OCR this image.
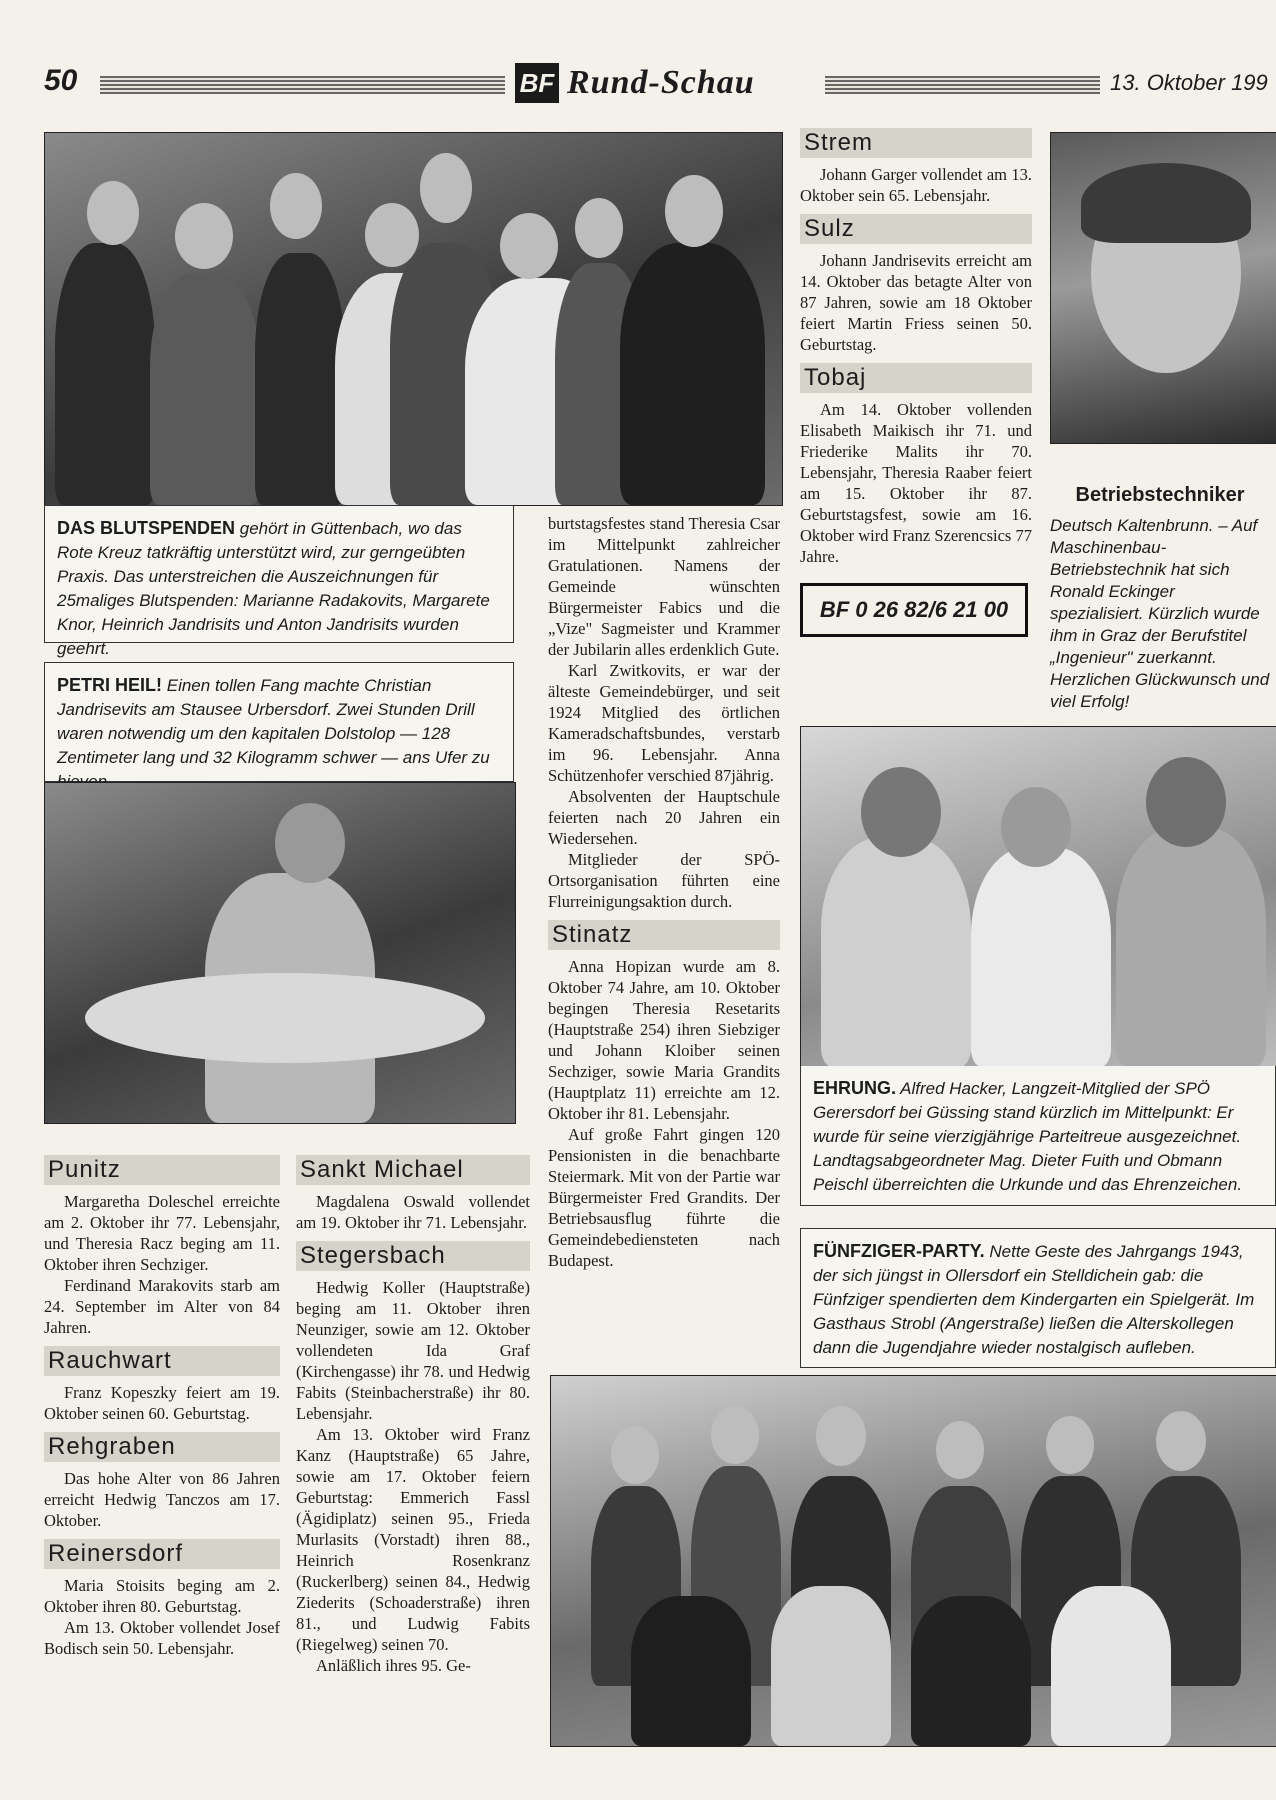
50	BF Rund-Schau	13. Oktober 199
DAS BLUTSPENDEN gehört in Güttenbach, wo das Rote Kreuz tatkräftig unterstützt wird, zur gerngeübten Praxis. Das unterstreichen die Auszeichnungen für 25maliges Blutspenden: Marianne Radakovits, Margarete Knor, Heinrich Jandrisits und Anton Jandrisits wurden geehrt.
PETRI HEIL! Einen tollen Fang machte Christian Jandrisevits am Stausee Urbersdorf. Zwei Stunden Drill waren notwendig um den kapitalen Dolstolop — 128 Zentimeter lang und 32 Kilogramm schwer — ans Ufer zu
Punitz

Margaretha Doleschel erreichte am 2. Oktober ihr 77. Lebensjahr, und Theresia Racz beging am 11. Oktober ihren Sechziger.

Ferdinand Marakovits starb am 24. September im Alter von 84 Jahren.

Rauchwart

Franz Kopeszky feiert am 19. Oktober seinen 60. Geburtstag.

Rehgraben

Das hohe Alter von 86 Jahren erreicht Hedwig Tanczos am 17. Oktober.

Reinersdorf

Maria Stoisits beging am 2. Oktober ihren 80. Geburtstag.

Am 13. Oktober vollendet Josef Bodisch sein 50. Lebensjahr.

Sankt Michael

Magdalena Oswald vollendet am 19. Oktober ihr 71. Lebensjahr.

Stegersbach

Hedwig Koller (Hauptstraße) beging am 11. Oktober ihren Neunziger, sowie am 12. Oktober vollendeten Ida Graf (Kirchengasse) ihr 78. und Hedwig Fabits (Steinbacherstraße) ihr 80. Lebensjahr.

Am 13. Oktober wird Franz Kanz (Hauptstraße) 65 Jahre, sowie am 17. Oktober feiern Geburtstag: Emmerich Fassl (Ägidiplatz) seinen 95., Frieda Murlasits (Vorstadt) ihren 88., Heinrich Rosenkranz (Ruckerlberg) seinen 84., Hedwig Ziederits (Schoaderstraße) ihren 81., und Ludwig Fabits (Riegelweg) seinen 70.

Anläßlich ihres 95. Ge-

burtstagsfestes stand Theresia Csar im Mittelpunkt zahlreicher Gratulationen. Namens der Gemeinde wünschten Bürgermeister Fabics und die „Vize" Sagmeister und Krammer der Jubilarin alles erdenklich Gute.

Karl Zwitkovits, er war der älteste Gemeindebürger, und seit 1924 Mitglied des örtlichen Kameradschaftsbundes, verstarb im 96. Lebensjahr. Anna Schützenhofer verschied 87jährig.

Absolventen der Hauptschule feierten nach 20 Jahren ein Wiedersehen.

Mitglieder der SPÖ-Ortsorganisation führten eine Flurreinigungsaktion durch.

Stinatz

Anna Hopizan wurde am 8. Oktober 74 Jahre, am 10. Oktober begingen Theresia Resetarits (Hauptstraße 254) ihren Siebziger und Johann Kloiber seinen Sechziger, sowie Maria Grandits (Hauptplatz 11) erreichte am 12. Oktober ihr 81. Lebensjahr.

Auf große Fahrt gingen 120 Pensionisten in die benachbarte Steiermark. Mit von der Partie war Bürgermeister Fred Grandits. Der Betriebsausflug führte die Gemeindebediensteten nach Budapest.

Strem

Johann Garger vollendet am 13. Oktober sein 65. Lebensjahr.

Sulz

Johann Jandrisevits erreicht am 14. Oktober das betagte Alter von 87 Jahren, sowie am 18 Oktober feiert Martin Friess seinen 50. Geburtstag.

Tobaj

Am 14. Oktober vollenden Elisabeth Maikisch ihr 71. und Friederike Malits ihr 70. Lebensjahr, Theresia Raaber feiert am 15. Oktober ihr 87. Geburtstagsfest, sowie am 16. Oktober wird Franz Szerencsics 77 Jahre.

BF 0 26 82/6 21 00
Betriebstechniker
Deutsch Kaltenbrunn. – Auf Maschinenbau-Betriebstechnik hat sich Ronald Eckinger spezialisiert. Kürzlich wurde ihm in Graz der Berufstitel „Ingenieur" zuerkannt. Herzlichen Glückwunsch und viel Erfolg!
EHRUNG. Alfred Hacker, Langzeit-Mitglied der SPÖ Gerersdorf bei Güssing stand kürzlich im Mittelpunkt: Er wurde für seine vierzigjährige Parteitreue ausgezeichnet. Landtagsabgeordneter Mag. Dieter Fuith und Obmann Peischl überreichten die Urkunde und das Ehrenzeichen.
FÜNFZIGER-PARTY. Nette Geste des Jahrgangs 1943, der sich jüngst in Ollersdorf ein Stelldichein gab: die Fünfziger spendierten dem Kindergarten ein Spielgerät. Im Gasthaus Strobl (Angerstraße) ließen die Alterskollegen dann die Jugendjahre wieder nostalgisch aufleben.
